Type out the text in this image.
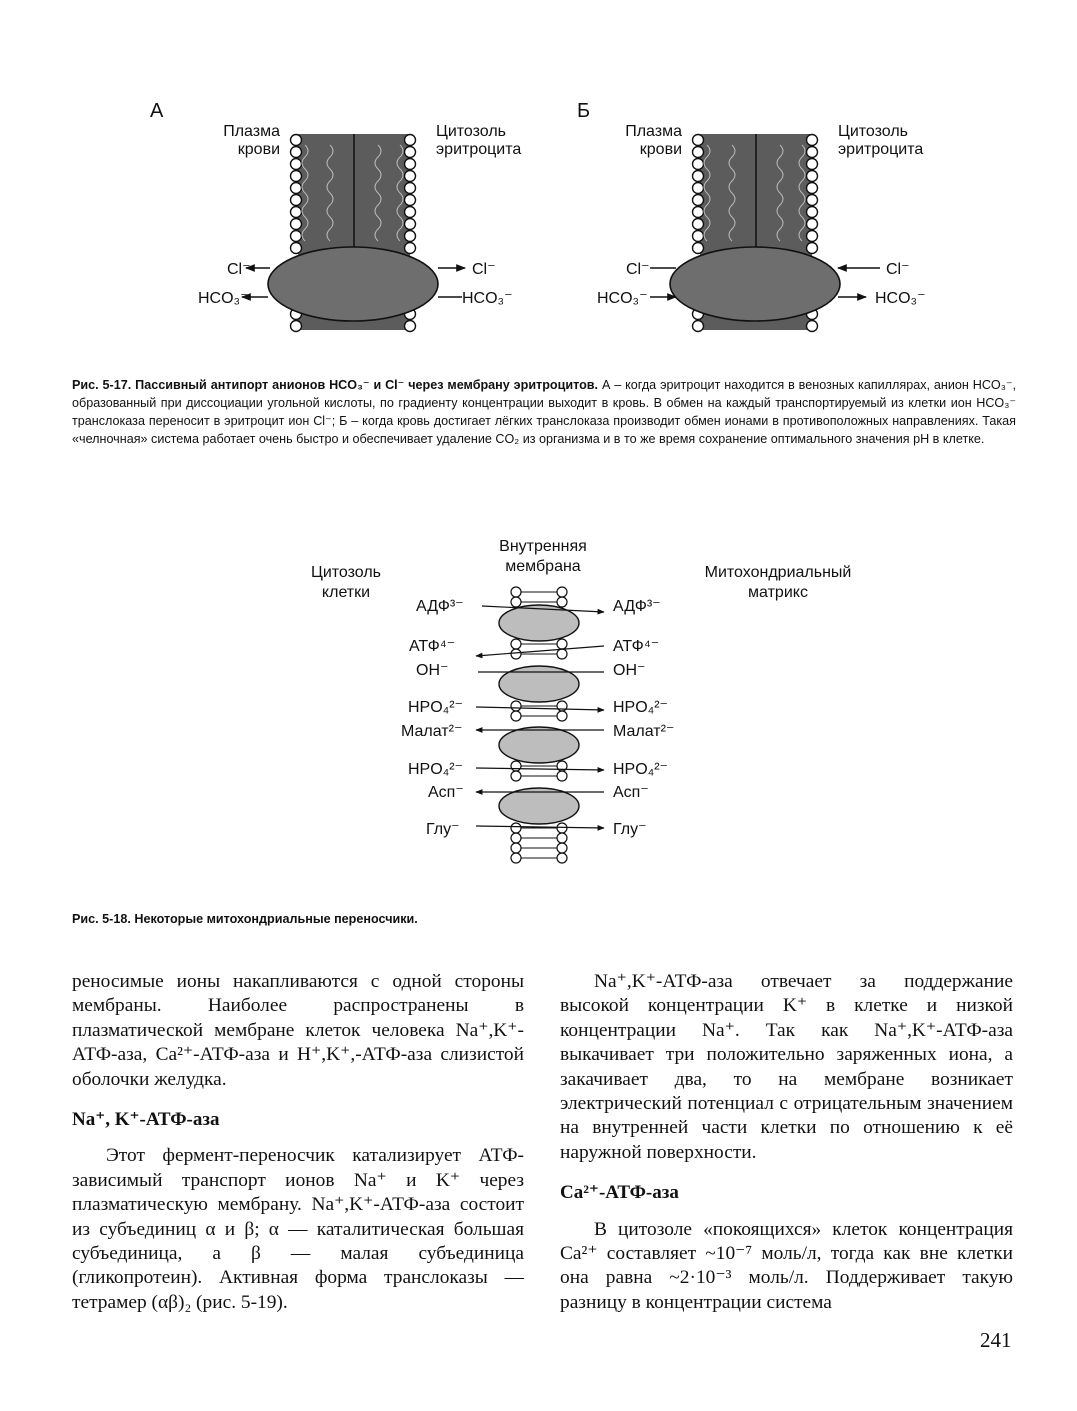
А	Б
Плазма
крови
Цитозоль
эритроцита
Cl⁻
HCO₃⁻
Cl⁻
HCO₃⁻
Плазма
крови
Цитозоль
эритроцита
Cl⁻
HCO₃⁻
Cl⁻
HCO₃⁻
Рис. 5-17. Пассивный антипорт анионов HCO₃⁻ и Cl⁻ через мембрану эритроцитов. А – когда эритроцит находится в венозных капиллярах, анион HCO₃⁻, образованный при диссоциации угольной кислоты, по градиенту концентрации выходит в кровь. В обмен на каждый транспортируемый из клетки ион HCO₃⁻ транслоказа переносит в эритроцит ион Cl⁻; Б – когда кровь достигает лёгких транслоказа производит обмен ионами в противоположных направлениях. Такая «челночная» система работает очень быстро и обеспечивает удаление CO₂ из организма и в то же время сохранение оптимального значения pH в клетке.
Внутренняя
мембрана
Цитозоль
клетки
Митохондриальный
матрикс
АДФ³⁻
АТФ⁴⁻
OH⁻
HPO₄²⁻
Малат²⁻
HPO₄²⁻
Асп⁻
Глу⁻
АДФ³⁻
АТФ⁴⁻
OH⁻
HPO₄²⁻
Малат²⁻
HPO₄²⁻
Асп⁻
Глу⁻
Рис. 5-18. Некоторые митохондриальные переносчики.

реносимые ионы накапливаются с одной стороны мембраны. Наиболее распространены в плазматической мембране клеток человека Na⁺,K⁺-АТФ-аза, Ca²⁺-АТФ-аза и H⁺,K⁺,-АТФ-аза слизистой оболочки желудка.

Na⁺, K⁺-АТФ-аза

Этот фермент-переносчик катализирует АТФ-зависимый транспорт ионов Na⁺ и K⁺ через плазматическую мембрану. Na⁺,K⁺-АТФ-аза состоит из субъединиц α и β; α — каталитическая большая субъединица, а β — малая субъединица (гликопротеин). Активная форма транслоказы — тетрамер (αβ)₂ (рис. 5-19).

Na⁺,K⁺-АТФ-аза отвечает за поддержание высокой концентрации K⁺ в клетке и низкой концентрации Na⁺. Так как Na⁺,K⁺-АТФ-аза выкачивает три положительно заряженных иона, а закачивает два, то на мембране возникает электрический потенциал с отрицательным значением на внутренней части клетки по отношению к её наружной поверхности.

Ca²⁺-АТФ-аза

В цитозоле «покоящихся» клеток концентрация Ca²⁺ составляет ~10⁻⁷ моль/л, тогда как вне клетки она равна ~2·10⁻³ моль/л. Поддерживает такую разницу в концентрации система

241
